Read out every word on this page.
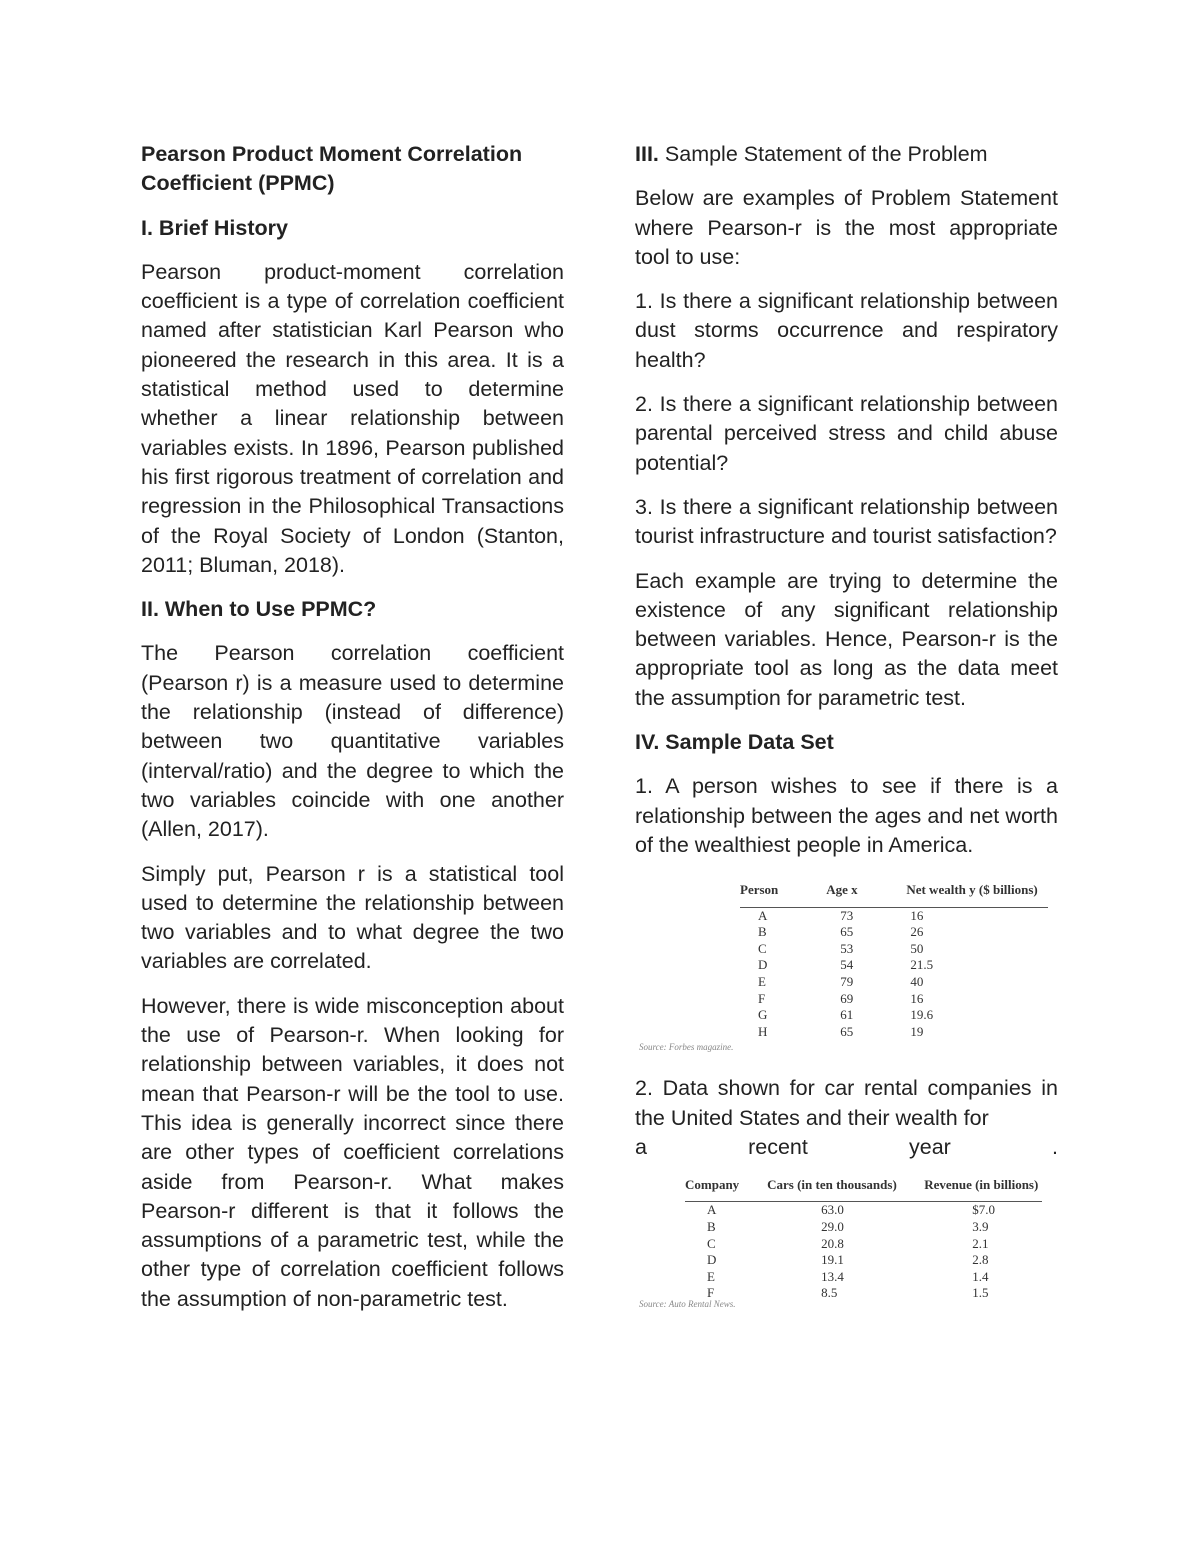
Pearson Product Moment Correlation Coefficient (PPMC)

I. Brief History

Pearson product-moment correlation coefficient is a type of correlation coefficient named after statistician Karl Pearson who pioneered the research in this area. It is a statistical method used to determine whether a linear relationship between variables exists. In 1896, Pearson published his first rigorous treatment of correlation and regression in the Philosophical Transactions of the Royal Society of London (Stanton, 2011; Bluman, 2018).

II. When to Use PPMC?

The Pearson correlation coefficient (Pearson r) is a measure used to determine the relationship (instead of difference) between two quantitative variables (interval/ratio) and the degree to which the two variables coincide with one another (Allen, 2017).

Simply put, Pearson r is a statistical tool used to determine the relationship between two variables and to what degree the two variables are correlated.

However, there is wide misconception about the use of Pearson-r. When looking for relationship between variables, it does not mean that Pearson-r will be the tool to use. This idea is generally incorrect since there are other types of coefficient correlations aside from Pearson-r. What makes Pearson-r different is that it follows the assumptions of a parametric test, while the other type of correlation coefficient follows the assumption of non-parametric test.

III. Sample Statement of the Problem

Below are examples of Problem Statement where Pearson-r is the most appropriate tool to use:

1. Is there a significant relationship between dust storms occurrence and respiratory health?

2. Is there a significant relationship between parental perceived stress and child abuse potential?

3. Is there a significant relationship between tourist infrastructure and tourist satisfaction?

Each example are trying to determine the existence of any significant relationship between variables. Hence, Pearson-r is the appropriate tool as long as the data meet the assumption for parametric test.

IV. Sample Data Set

1. A person wishes to see if there is a relationship between the ages and net worth of the wealthiest people in America.

Person	Age x	Net wealth y ($ billions)
A	73	16
B	65	26
C	53	50
D	54	21.5
E	79	40
F	69	16
G	61	19.6
H	65	19
Source: Forbes magazine.

2. Data shown for car rental companies in the United States and their wealth for

a	recent	year	.

Company	Cars (in ten thousands)	Revenue (in billions)
A	63.0	$7.0
B	29.0	3.9
C	20.8	2.1
D	19.1	2.8
E	13.4	1.4
F	8.5	1.5
Source: Auto Rental News.
